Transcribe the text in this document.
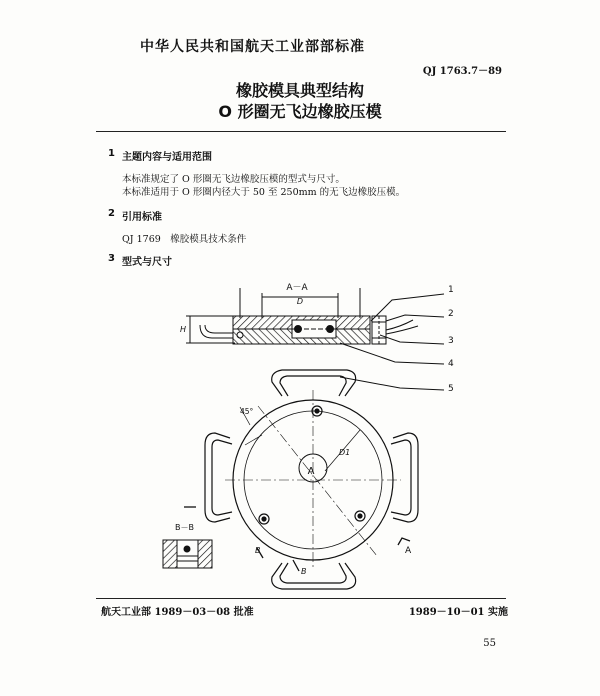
中华人民共和国航天工业部部标准
QJ 1763.7－89
橡胶模具典型结构
O 形圈无飞边橡胶压模
1 主题内容与适用范围
本标准规定了 O 形圈无飞边橡胶压模的型式与尺寸。
本标准适用于 O 形圈内径大于 50 至 250mm 的无飞边橡胶压模。
2 引用标准
QJ 1769　橡胶模具技术条件
3 型式与尺寸
A－A
D
H
1
2
3
4
5
D1
45°
A
A
B
B
B－B
航天工业部 1989－03－08 批准	1989－10－01 实施
55
